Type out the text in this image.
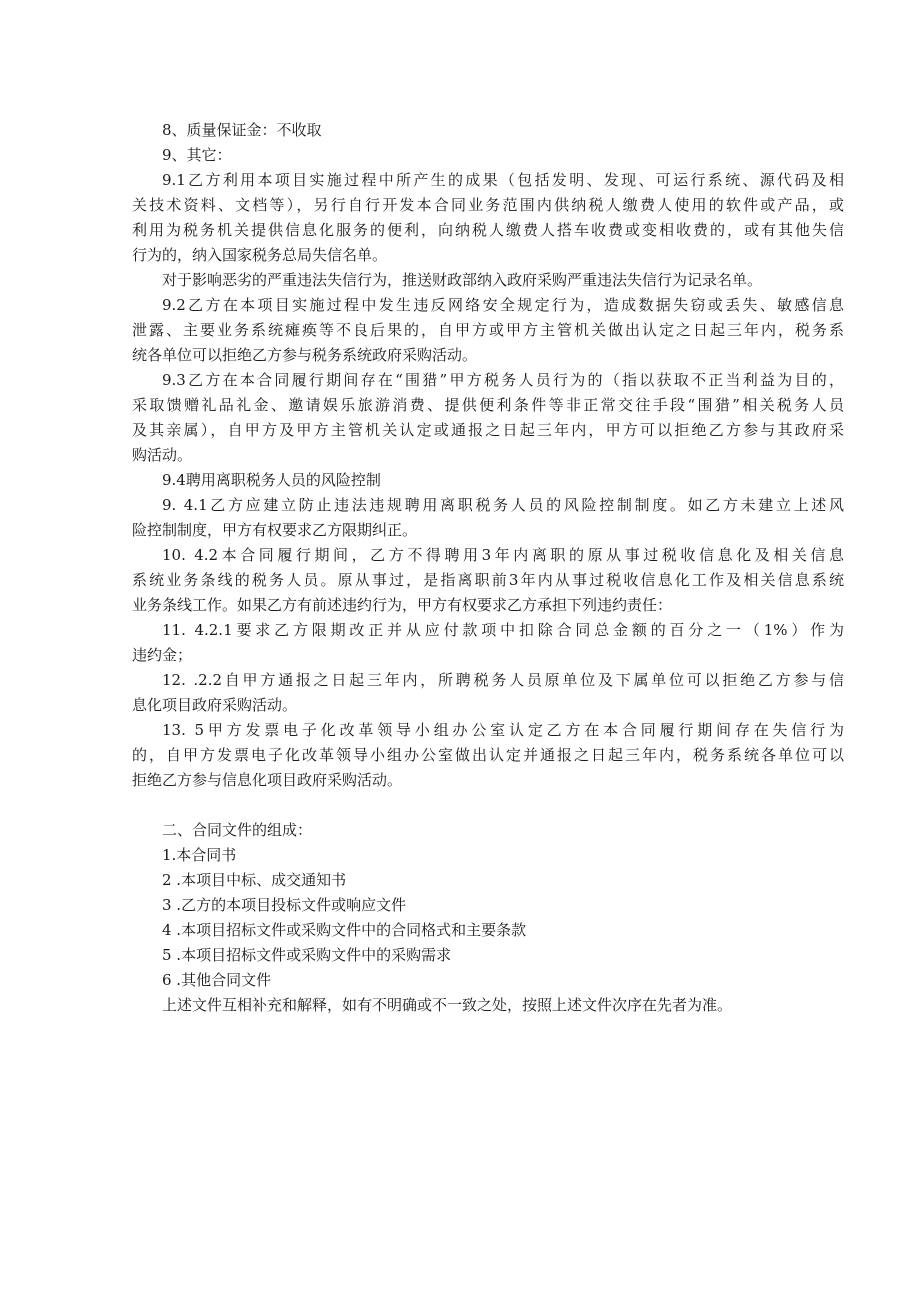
8、质量保证金：不收取
9、其它：
9.1乙方利用本项目实施过程中所产生的成果（包括发明、发现、可运行系统、源代码及相
关技术资料、文档等），另行自行开发本合同业务范围内供纳税人缴费人使用的软件或产品，或
利用为税务机关提供信息化服务的便利，向纳税人缴费人搭车收费或变相收费的，或有其他失信
行为的，纳入国家税务总局失信名单。
对于影响恶劣的严重违法失信行为，推送财政部纳入政府采购严重违法失信行为记录名单。
9.2乙方在本项目实施过程中发生违反网络安全规定行为，造成数据失窃或丢失、敏感信息
泄露、主要业务系统瘫痪等不良后果的，自甲方或甲方主管机关做出认定之日起三年内，税务系
统各单位可以拒绝乙方参与税务系统政府采购活动。
9.3乙方在本合同履行期间存在“围猎”甲方税务人员行为的（指以获取不正当利益为目的，
采取馈赠礼品礼金、邀请娱乐旅游消费、提供便利条件等非正常交往手段“围猎”相关税务人员
及其亲属），自甲方及甲方主管机关认定或通报之日起三年内，甲方可以拒绝乙方参与其政府采
购活动。
9.4聘用离职税务人员的风险控制
9. 4.1乙方应建立防止违法违规聘用离职税务人员的风险控制制度。如乙方未建立上述风
险控制制度，甲方有权要求乙方限期纠正。
10. 4.2本合同履行期间，乙方不得聘用3年内离职的原从事过税收信息化及相关信息
系统业务条线的税务人员。原从事过，是指离职前3年内从事过税收信息化工作及相关信息系统
业务条线工作。如果乙方有前述违约行为，甲方有权要求乙方承担下列违约责任：
11. 4.2.1要求乙方限期改正并从应付款项中扣除合同总金额的百分之一（1%）作为
违约金；
12. .2.2自甲方通报之日起三年内，所聘税务人员原单位及下属单位可以拒绝乙方参与信
息化项目政府采购活动。
13. 5甲方发票电子化改革领导小组办公室认定乙方在本合同履行期间存在失信行为
的，自甲方发票电子化改革领导小组办公室做出认定并通报之日起三年内，税务系统各单位可以
拒绝乙方参与信息化项目政府采购活动。
二、合同文件的组成：
1.本合同书
2 .本项目中标、成交通知书
3 .乙方的本项目投标文件或响应文件
4 .本项目招标文件或采购文件中的合同格式和主要条款
5 .本项目招标文件或采购文件中的采购需求
6 .其他合同文件
上述文件互相补充和解释，如有不明确或不一致之处，按照上述文件次序在先者为准。
